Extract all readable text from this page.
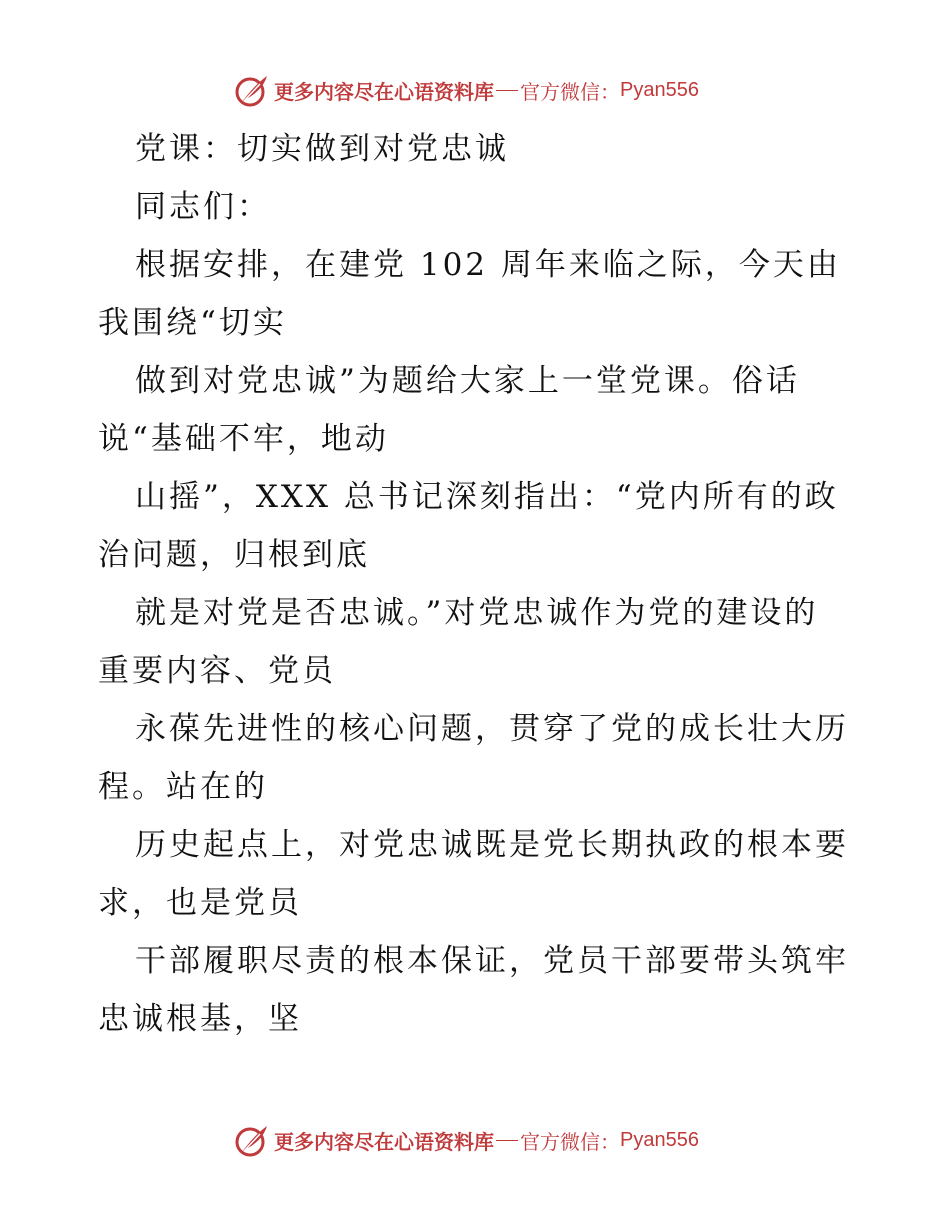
更多内容尽在心语资料库 官方微信： Pyan556

党课：切实做到对党忠诚

同志们：

根据安排，在建党 102 周年来临之际，今天由

我围绕“切实

做到对党忠诚”为题给大家上一堂党课。俗话

说“基础不牢，地动

山摇”，XXX 总书记深刻指出：“党内所有的政

治问题，归根到底

就是对党是否忠诚。”对党忠诚作为党的建设的

重要内容、党员

永葆先进性的核心问题，贯穿了党的成长壮大历

程。站在的

历史起点上，对党忠诚既是党长期执政的根本要

求，也是党员

干部履职尽责的根本保证，党员干部要带头筑牢

忠诚根基，坚

更多内容尽在心语资料库 官方微信： Pyan556
